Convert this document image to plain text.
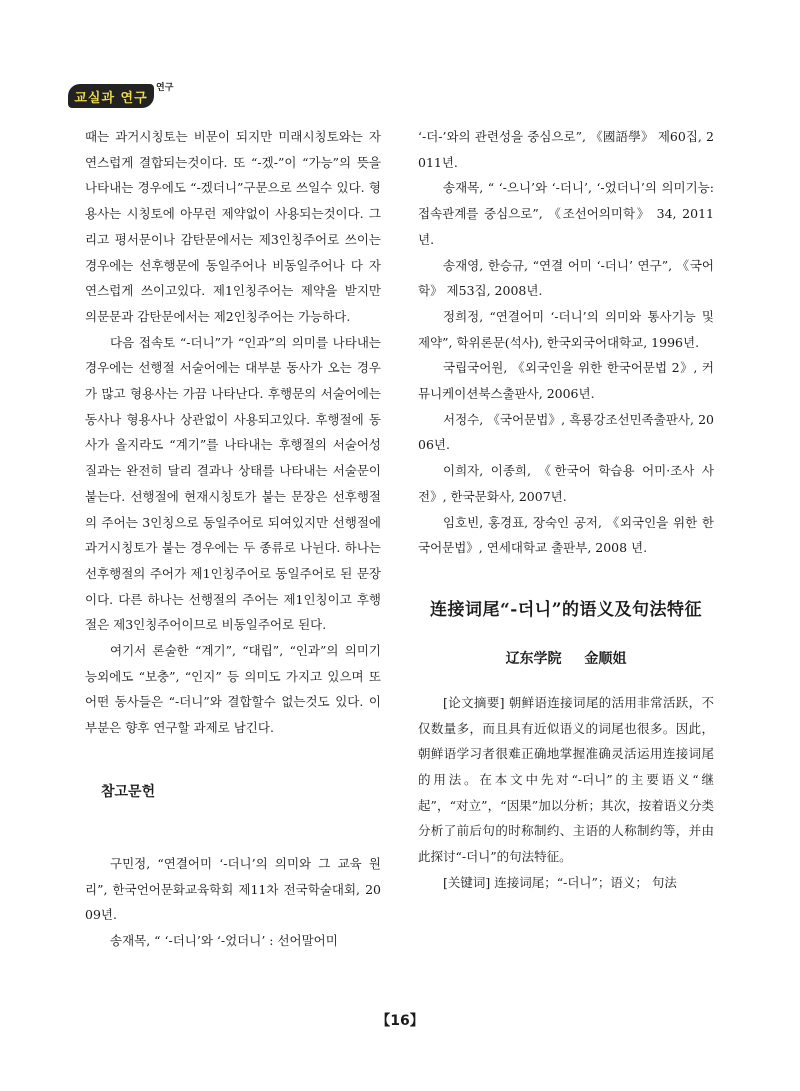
교실과 연구
연구

때는 과거시칭토는 비문이 되지만 미래시칭토와는 자연스럽게 결합되는것이다. 또 “-겠-”이 “가능”의 뜻을 나타내는 경우에도 “-겠더니”구문으로 쓰일수 있다. 형용사는 시칭토에 아무런 제약없이 사용되는것이다. 그리고 평서문이나 감탄문에서는 제3인칭주어로 쓰이는 경우에는 선후행문에 동일주어나 비동일주어나 다 자연스럽게 쓰이고있다. 제1인칭주어는 제약을 받지만 의문문과 감탄문에서는 제2인칭주어는 가능하다.

다음 접속토 “-더니”가 “인과”의 의미를 나타내는 경우에는 선행절 서술어에는 대부분 동사가 오는 경우가 많고 형용사는 가끔 나타난다. 후행문의 서술어에는 동사나 형용사나 상관없이 사용되고있다. 후행절에 동사가 올지라도 “계기”를 나타내는 후행절의 서술어성질과는 완전히 달리 결과나 상태를 나타내는 서술문이 붙는다. 선행절에 현재시칭토가 붙는 문장은 선후행절의 주어는 3인칭으로 동일주어로 되여있지만 선행절에 과거시칭토가 붙는 경우에는 두 종류로 나뉜다. 하나는 선후행절의 주어가 제1인칭주어로 동일주어로 된 문장이다. 다른 하나는 선행절의 주어는 제1인칭이고 후행절은 제3인칭주어이므로 비동일주어로 된다.

여기서 론술한 “계기”, “대립”, “인과”의 의미기능외에도 “보충”, “인지” 등 의미도 가지고 있으며 또 어떤 동사들은 “-더니”와 결합할수 없는것도 있다. 이 부분은 향후 연구할 과제로 남긴다.

참고문헌

구민정, “연결어미 ‘-더니’의 의미와 그 교육 원리”, 한국언어문화교육학회 제11차 전국학술대회, 2009년.

송재목, “ ‘-더니’와 ‘-었더니’ : 선어말어미

‘-더-’와의 관련성을 중심으로”, 《國語學》 제60집, 2011년.

송재목, “ ‘-으니’와 ‘-더니’, ‘-었더니’의 의미기능:접속관계를 중심으로”, 《조선어의미학》 34, 2011년.

송재영, 한승규, “연결 어미 ‘-더니’ 연구”, 《국어학》 제53집, 2008년.

정희정, “연결어미 ‘-더니’의 의미와 통사기능 및 제약”, 학위론문(석사), 한국외국어대학교, 1996년.

국립국어원, 《외국인을 위한 한국어문법 2》, 커뮤니케이션북스출판사, 2006년.

서정수, 《국어문법》, 흑룡강조선민족출판사, 2006년.

이희자, 이종희, 《한국어 학습용 어미·조사 사전》, 한국문화사, 2007년.

임호빈, 홍경표, 장숙인 공저, 《외국인을 위한 한국어문법》, 연세대학교 출판부, 2008 년.

连接词尾“-더니”的语义及句法特征
辽东学院 金顺姐

[论文摘要] 朝鲜语连接词尾的活用非常活跃，不仅数量多，而且具有近似语义的词尾也很多。因此，朝鲜语学习者很难正确地掌握准确灵活运用连接词尾的用法。在本文中先对“-더니”的主要语义“继起”，“对立”，“因果”加以分析；其次，按着语义分类分析了前后句的时称制约、主语的人称制约等，并由此探讨“-더니”的句法特征。

[关键词] 连接词尾；“-더니”；语义； 句法

【16】
